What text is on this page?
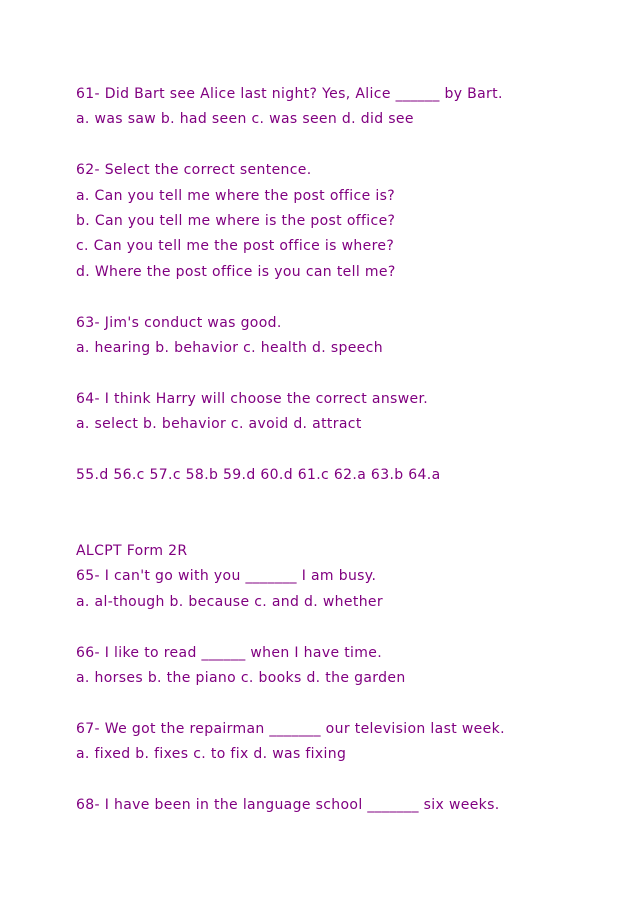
61- Did Bart see Alice last night? Yes, Alice ______ by Bart.

a. was saw b. had seen c. was seen d. did see

62- Select the correct sentence.

a. Can you tell me where the post office is?

b. Can you tell me where is the post office?

c. Can you tell me the post office is where?

d. Where the post office is you can tell me?

63- Jim's conduct was good.

a. hearing b. behavior c. health d. speech

64- I think Harry will choose the correct answer.

a. select b. behavior c. avoid d. attract

55.d 56.c 57.c 58.b 59.d 60.d 61.c 62.a 63.b 64.a

ALCPT Form 2R

65- I can't go with you _______ I am busy.

a. al-though b. because c. and d. whether

66- I like to read ______ when I have time.

a. horses b. the piano c. books d. the garden

67- We got the repairman _______ our television last week.

a. fixed b. fixes c. to fix d. was fixing

68- I have been in the language school _______ six weeks.
